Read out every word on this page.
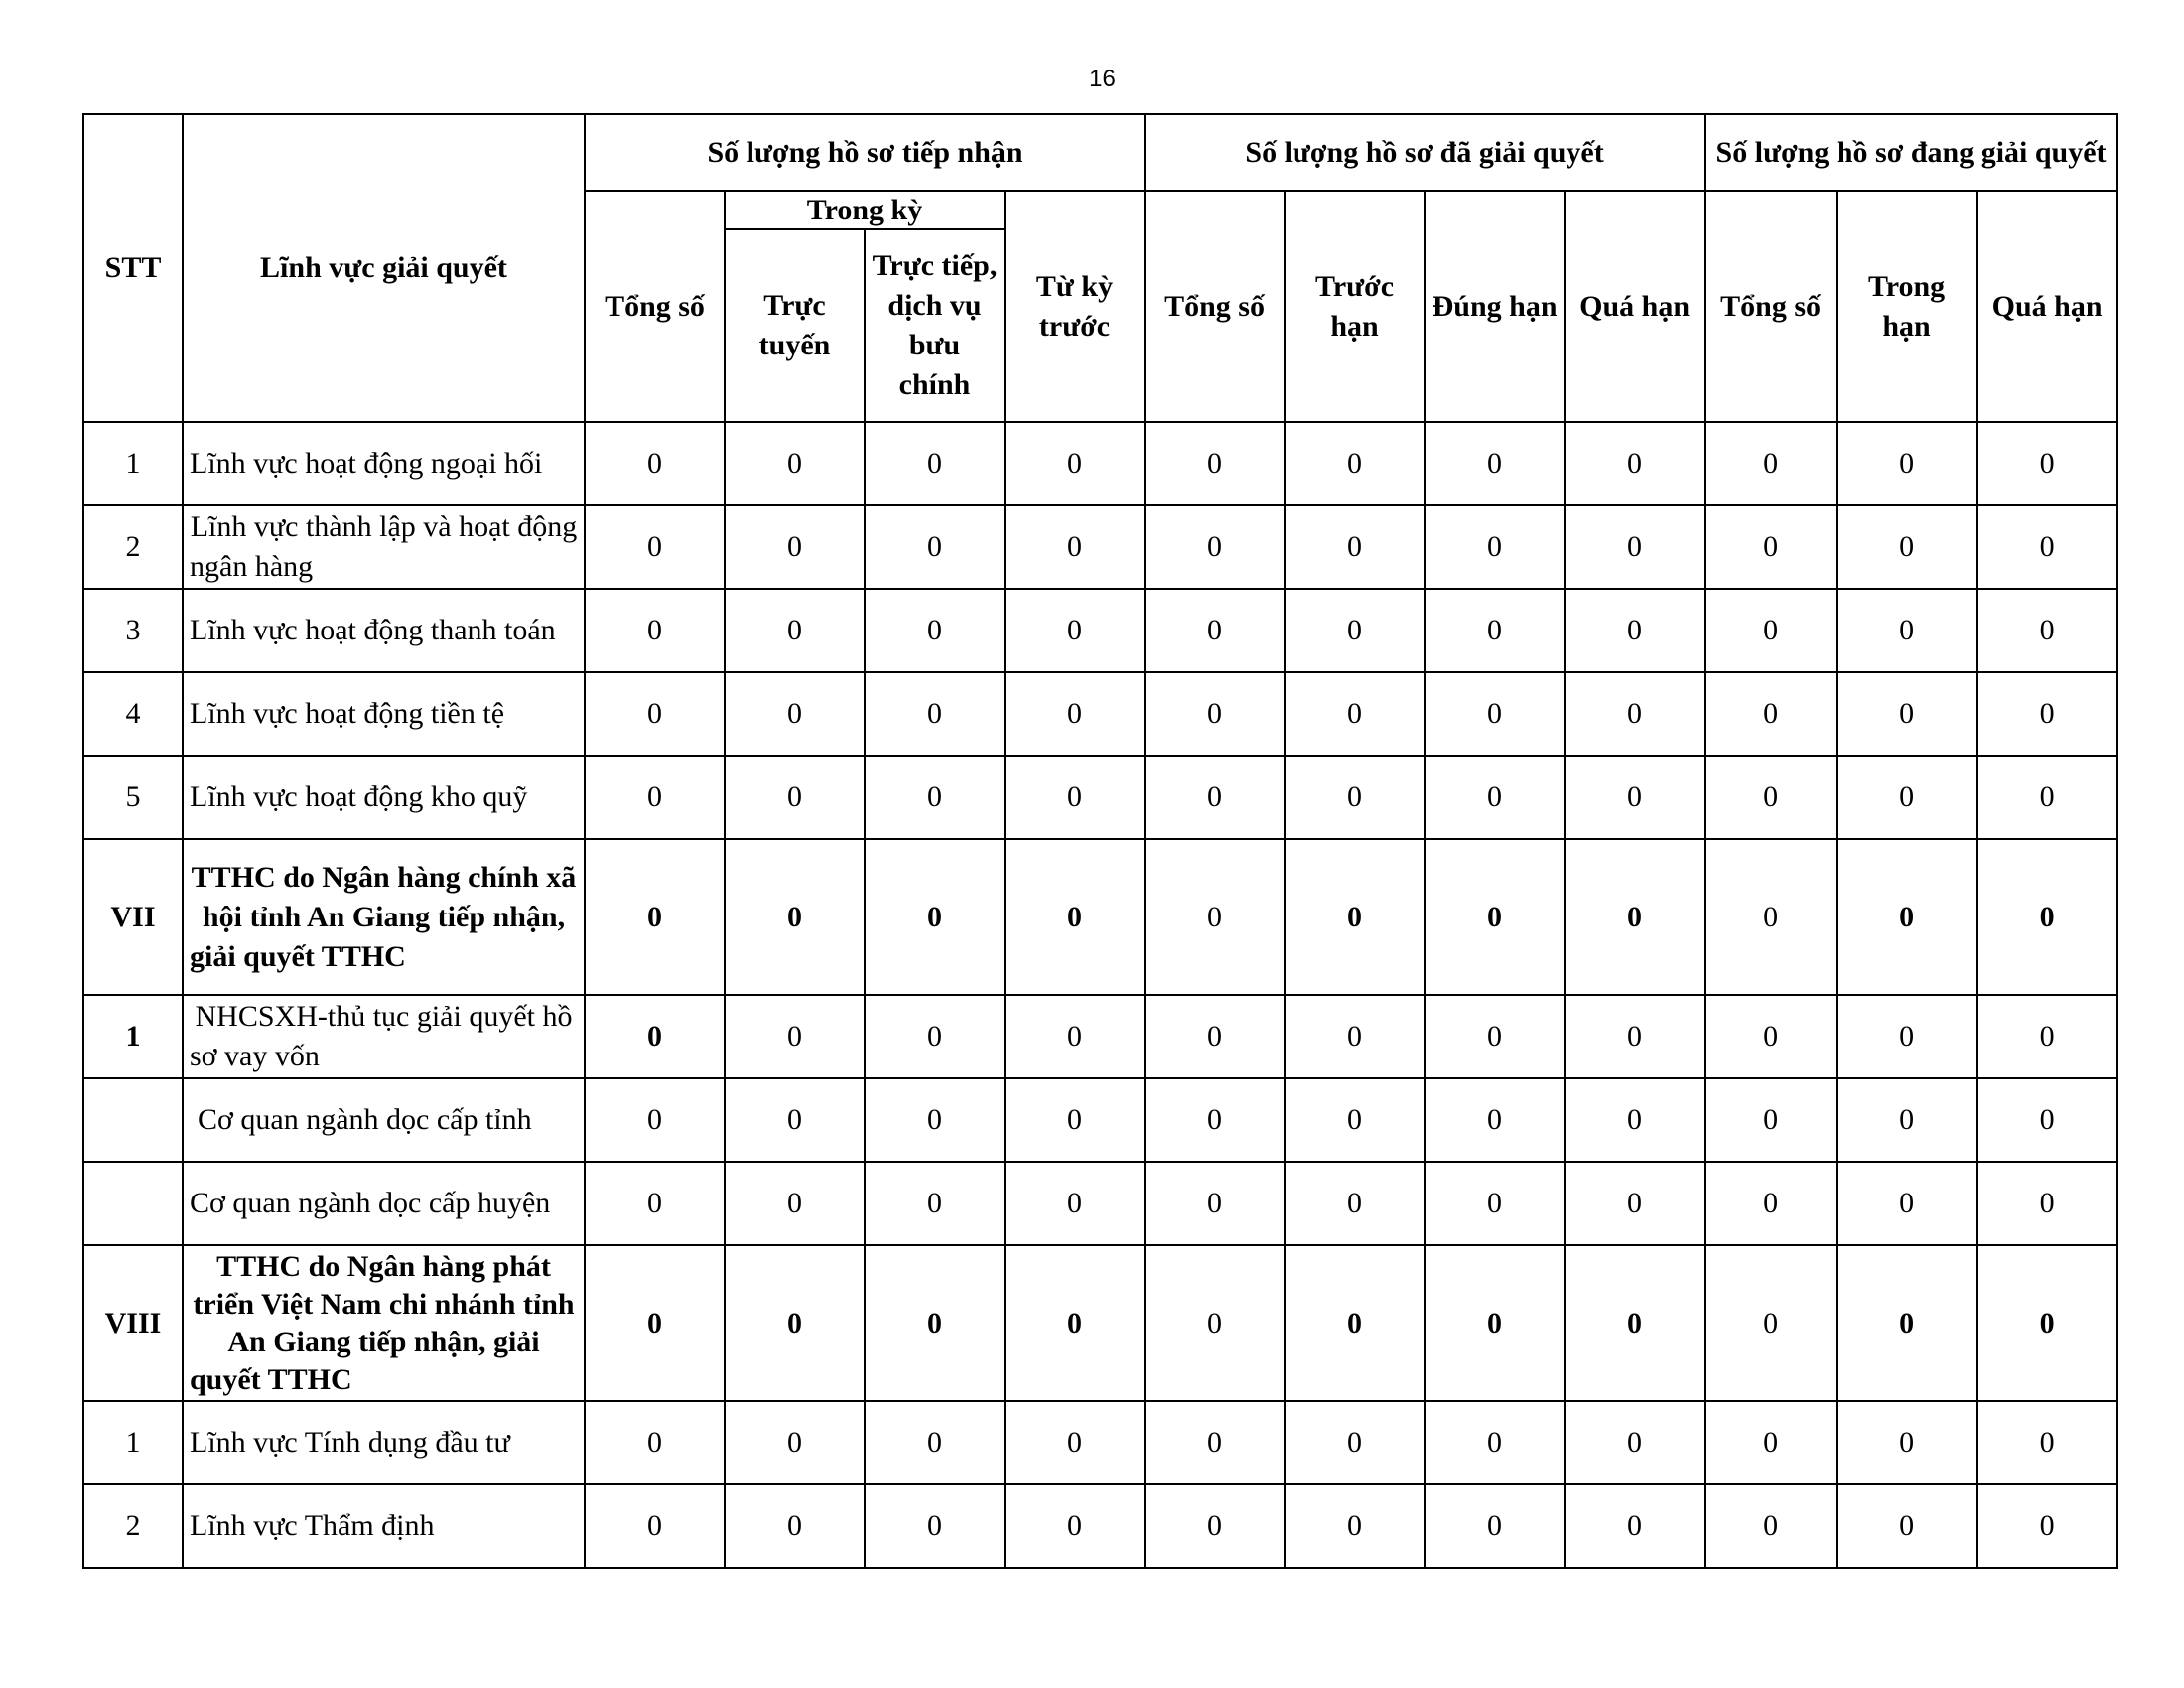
16
STT	Lĩnh vực giải quyết	Số lượng hồ sơ tiếp nhận				Số lượng hồ sơ đã giải quyết				Số lượng hồ sơ đang giải quyết		
		Tổng số	Trong kỳ		Từ kỳ trước	Tổng số	Trước hạn	Đúng hạn	Quá hạn	Tổng số	Trong hạn	Quá hạn
			Trực tuyến	Trực tiếp, dịch vụ bưu chính								
1	Lĩnh vực hoạt động ngoại hối	0	0	0	0	0	0	0	0	0	0	0
2	Lĩnh vực thành lập và hoạt động ngân hàng	0	0	0	0	0	0	0	0	0	0	0
3	Lĩnh vực hoạt động thanh toán	0	0	0	0	0	0	0	0	0	0	0
4	Lĩnh vực hoạt động tiền tệ	0	0	0	0	0	0	0	0	0	0	0
5	Lĩnh vực hoạt động kho quỹ	0	0	0	0	0	0	0	0	0	0	0
VII	TTHC do Ngân hàng chính xã hội tỉnh An Giang tiếp nhận, giải quyết TTHC	0	0	0	0	0	0	0	0	0	0	0
1	NHCSXH-thủ tục giải quyết hồ sơ vay vốn	0	0	0	0	0	0	0	0	0	0	0
	Cơ quan ngành dọc cấp tỉnh	0	0	0	0	0	0	0	0	0	0	0
	Cơ quan ngành dọc cấp huyện	0	0	0	0	0	0	0	0	0	0	0
VIII	TTHC do Ngân hàng phát triển Việt Nam chi nhánh tỉnh An Giang tiếp nhận, giải quyết TTHC	0	0	0	0	0	0	0	0	0	0	0
1	Lĩnh vực Tính dụng đầu tư	0	0	0	0	0	0	0	0	0	0	0
2	Lĩnh vực Thẩm định	0	0	0	0	0	0	0	0	0	0	0
